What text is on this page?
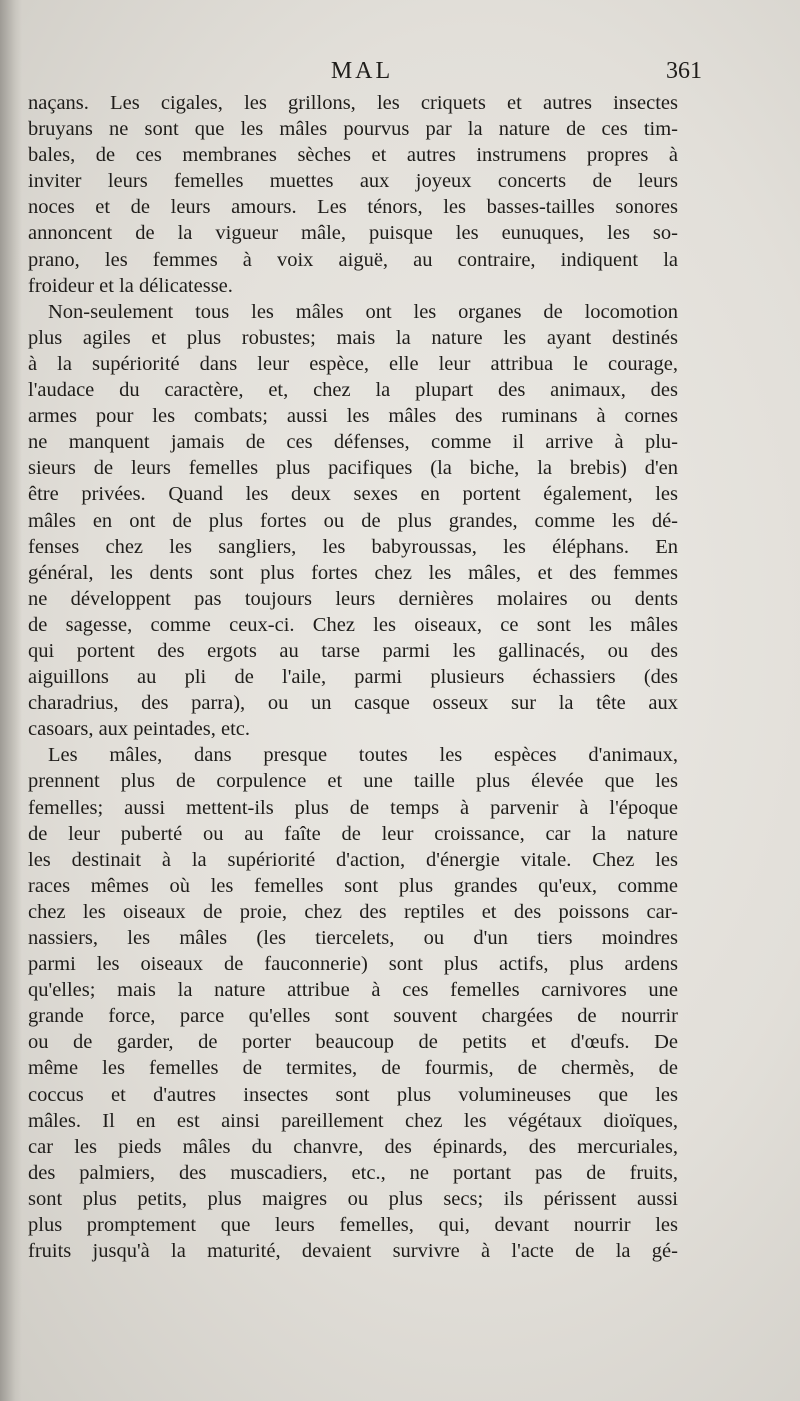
MAL	361
naçans. Les cigales, les grillons, les criquets et autres insectes
bruyans ne sont que les mâles pourvus par la nature de ces tim-
bales, de ces membranes sèches et autres instrumens propres à
inviter leurs femelles muettes aux joyeux concerts de leurs
noces et de leurs amours. Les ténors, les basses-tailles sonores
annoncent de la vigueur mâle, puisque les eunuques, les so-
prano, les femmes à voix aiguë, au contraire, indiquent la
froideur et la délicatesse.
Non-seulement tous les mâles ont les organes de locomotion
plus agiles et plus robustes; mais la nature les ayant destinés
à la supériorité dans leur espèce, elle leur attribua le courage,
l'audace du caractère, et, chez la plupart des animaux, des
armes pour les combats; aussi les mâles des ruminans à cornes
ne manquent jamais de ces défenses, comme il arrive à plu-
sieurs de leurs femelles plus pacifiques (la biche, la brebis) d'en
être privées. Quand les deux sexes en portent également, les
mâles en ont de plus fortes ou de plus grandes, comme les dé-
fenses chez les sangliers, les babyroussas, les éléphans. En
général, les dents sont plus fortes chez les mâles, et des femmes
ne développent pas toujours leurs dernières molaires ou dents
de sagesse, comme ceux-ci. Chez les oiseaux, ce sont les mâles
qui portent des ergots au tarse parmi les gallinacés, ou des
aiguillons au pli de l'aile, parmi plusieurs échassiers (des
charadrius, des parra), ou un casque osseux sur la tête aux
casoars, aux peintades, etc.
Les mâles, dans presque toutes les espèces d'animaux,
prennent plus de corpulence et une taille plus élevée que les
femelles; aussi mettent-ils plus de temps à parvenir à l'époque
de leur puberté ou au faîte de leur croissance, car la nature
les destinait à la supériorité d'action, d'énergie vitale. Chez les
races mêmes où les femelles sont plus grandes qu'eux, comme
chez les oiseaux de proie, chez des reptiles et des poissons car-
nassiers, les mâles (les tiercelets, ou d'un tiers moindres
parmi les oiseaux de fauconnerie) sont plus actifs, plus ardens
qu'elles; mais la nature attribue à ces femelles carnivores une
grande force, parce qu'elles sont souvent chargées de nourrir
ou de garder, de porter beaucoup de petits et d'œufs. De
même les femelles de termites, de fourmis, de chermès, de
coccus et d'autres insectes sont plus volumineuses que les
mâles. Il en est ainsi pareillement chez les végétaux dioïques,
car les pieds mâles du chanvre, des épinards, des mercuriales,
des palmiers, des muscadiers, etc., ne portant pas de fruits,
sont plus petits, plus maigres ou plus secs; ils périssent aussi
plus promptement que leurs femelles, qui, devant nourrir les
fruits jusqu'à la maturité, devaient survivre à l'acte de la gé-
